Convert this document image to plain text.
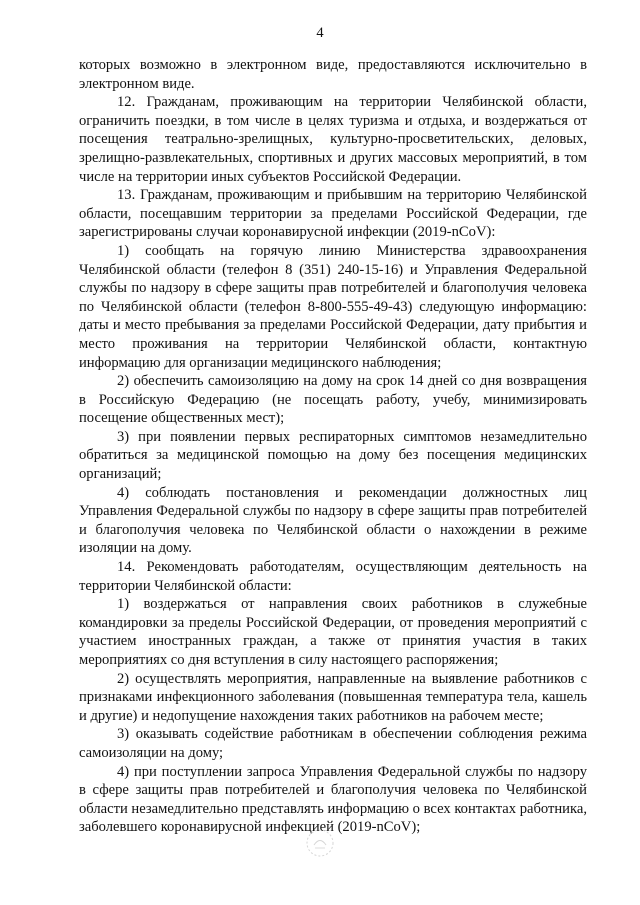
4

которых возможно в электронном виде, предоставляются исключительно в электронном виде.

12. Гражданам, проживающим на территории Челябинской области, ограничить поездки, в том числе в целях туризма и отдыха, и воздержаться от посещения театрально-зрелищных, культурно-просветительских, деловых, зрелищно-развлекательных, спортивных и других массовых мероприятий, в том числе на территории иных субъектов Российской Федерации.

13. Гражданам, проживающим и прибывшим на территорию Челябинской области, посещавшим территории за пределами Российской Федерации, где зарегистрированы случаи коронавирусной инфекции (2019-nCoV):

1) сообщать на горячую линию Министерства здравоохранения Челябинской области (телефон 8 (351) 240-15-16) и Управления Федеральной службы по надзору в сфере защиты прав потребителей и благополучия человека по Челябинской области (телефон 8-800-555-49-43) следующую информацию: даты и место пребывания за пределами Российской Федерации, дату прибытия и место проживания на территории Челябинской области, контактную информацию для организации медицинского наблюдения;

2) обеспечить самоизоляцию на дому на срок 14 дней со дня возвращения в Российскую Федерацию (не посещать работу, учебу, минимизировать посещение общественных мест);

3) при появлении первых респираторных симптомов незамедлительно обратиться за медицинской помощью на дому без посещения медицинских организаций;

4) соблюдать постановления и рекомендации должностных лиц Управления Федеральной службы по надзору в сфере защиты прав потребителей и благополучия человека по Челябинской области о нахождении в режиме изоляции на дому.

14. Рекомендовать работодателям, осуществляющим деятельность на территории Челябинской области:

1) воздержаться от направления своих работников в служебные командировки за пределы Российской Федерации, от проведения мероприятий с участием иностранных граждан, а также от принятия участия в таких мероприятиях со дня вступления в силу настоящего распоряжения;

2) осуществлять мероприятия, направленные на выявление работников с признаками инфекционного заболевания (повышенная температура тела, кашель и другие) и недопущение нахождения таких работников на рабочем месте;

3) оказывать содействие работникам в обеспечении соблюдения режима самоизоляции на дому;

4) при поступлении запроса Управления Федеральной службы по надзору в сфере защиты прав потребителей и благополучия человека по Челябинской области незамедлительно представлять информацию о всех контактах работника, заболевшего коронавирусной инфекцией (2019-nCoV);
